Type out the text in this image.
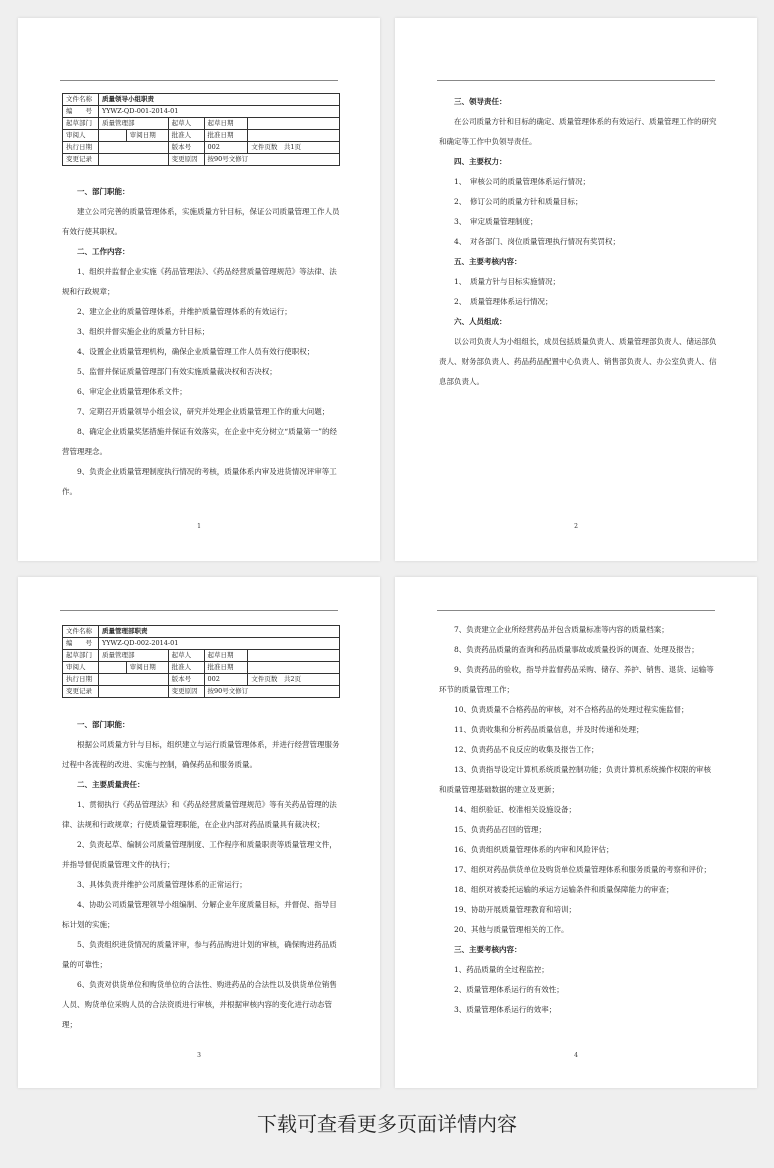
文件名称	质量领导小组职责				
编　　号	YYWZ-QD-001-2014-01				
起草部门	质量管理部		起草人	起草日期	
审阅人		审阅日期	批准人	批准日期	
执行日期			版本号	002	文件页数　共1页
变更记录			变更原因	按90号文修订	

一、部门职能：

建立公司完善的质量管理体系，实施质量方针目标，保证公司质量管理工作人员有效行使其职权。

二、工作内容：

1、组织并监督企业实施《药品管理法》、《药品经营质量管理规范》等法律、法规和行政规章；

2、建立企业的质量管理体系，并维护质量管理体系的有效运行；

3、组织并督实施企业的质量方针目标；

4、设置企业质量管理机构，确保企业质量管理工作人员有效行使职权；

5、监督并保证质量管理部门有效实施质量裁决权和否决权；

6、审定企业质量管理体系文件；

7、定期召开质量领导小组会议，研究并处理企业质量管理工作的重大问题；

8、确定企业质量奖惩措施并保证有效落实，在企业中充分树立“质量第一”的经营管理理念。

9、负责企业质量管理制度执行情况的考核，质量体系内审及进货情况评审等工作。

1

三、领导责任：

在公司质量方针和目标的确定、质量管理体系的有效运行、质量管理工作的研究和确定等工作中负领导责任。

四、主要权力：

1、　审核公司的质量管理体系运行情况；

2、　修订公司的质量方针和质量目标；

3、　审定质量管理制度；

4、　对各部门、岗位质量管理执行情况有奖罚权；

五、主要考核内容：

1、　质量方针与目标实施情况；

2、　质量管理体系运行情况；

六、人员组成：

以公司负责人为小组组长，成员包括质量负责人、质量管理部负责人、储运部负责人、财务部负责人、药品药品配置中心负责人、销售部负责人、办公室负责人、信息部负责人。

2
文件名称	质量管理部职责				
编　　号	YYWZ-QD-002-2014-01				
起草部门	质量管理部		起草人	起草日期	
审阅人		审阅日期	批准人	批准日期	
执行日期			版本号	002	文件页数　共2页
变更记录			变更原因	按90号文修订	

一、部门职能：

根据公司质量方针与目标，组织建立与运行质量管理体系，并进行经营管理服务过程中各流程的改进、实施与控制，确保药品和服务质量。

二、主要质量责任：

1、贯彻执行《药品管理法》和《药品经营质量管理规范》等有关药品管理的法律、法规和行政规章；行使质量管理职能，在企业内部对药品质量具有裁决权；

2、负责起草、编制公司质量管理制度、工作程序和质量职责等质量管理文件，并指导督促质量管理文件的执行；

3、具体负责并维护公司质量管理体系的正常运行；

4、协助公司质量管理领导小组编制、分解企业年度质量目标，并督促、指导目标计划的实施；

5、负责组织进货情况的质量评审，参与药品购进计划的审核，确保购进药品质量的可靠性；

6、负责对供货单位和购货单位的合法性、购进药品的合法性以及供货单位销售人员、购货单位采购人员的合法资质进行审核，并根据审核内容的变化进行动态管理；

3

7、负责建立企业所经营药品并包含质量标准等内容的质量档案；

8、负责药品质量的查询和药品质量事故或质量投诉的调查、处理及报告；

9、负责药品的验收，指导并监督药品采购、储存、养护、销售、退货、运输等环节的质量管理工作；

10、负责质量不合格药品的审核，对不合格药品的处理过程实施监督；

11、负责收集和分析药品质量信息，并及时传递和处理；

12、负责药品不良反应的收集及报告工作；

13、负责指导设定计算机系统质量控制功能；负责计算机系统操作权限的审核和质量管理基础数据的建立及更新；

14、组织验证、校准相关设施设备；

15、负责药品召回的管理；

16、负责组织质量管理体系的内审和风险评估；

17、组织对药品供货单位及购货单位质量管理体系和服务质量的考察和评价；

18、组织对被委托运输的承运方运输条件和质量保障能力的审查；

19、协助开展质量管理教育和培训；

20、其他与质量管理相关的工作。

三、主要考核内容：

1、药品质量的全过程监控；

2、质量管理体系运行的有效性；

3、质量管理体系运行的效率；

4
下载可查看更多页面详情内容
